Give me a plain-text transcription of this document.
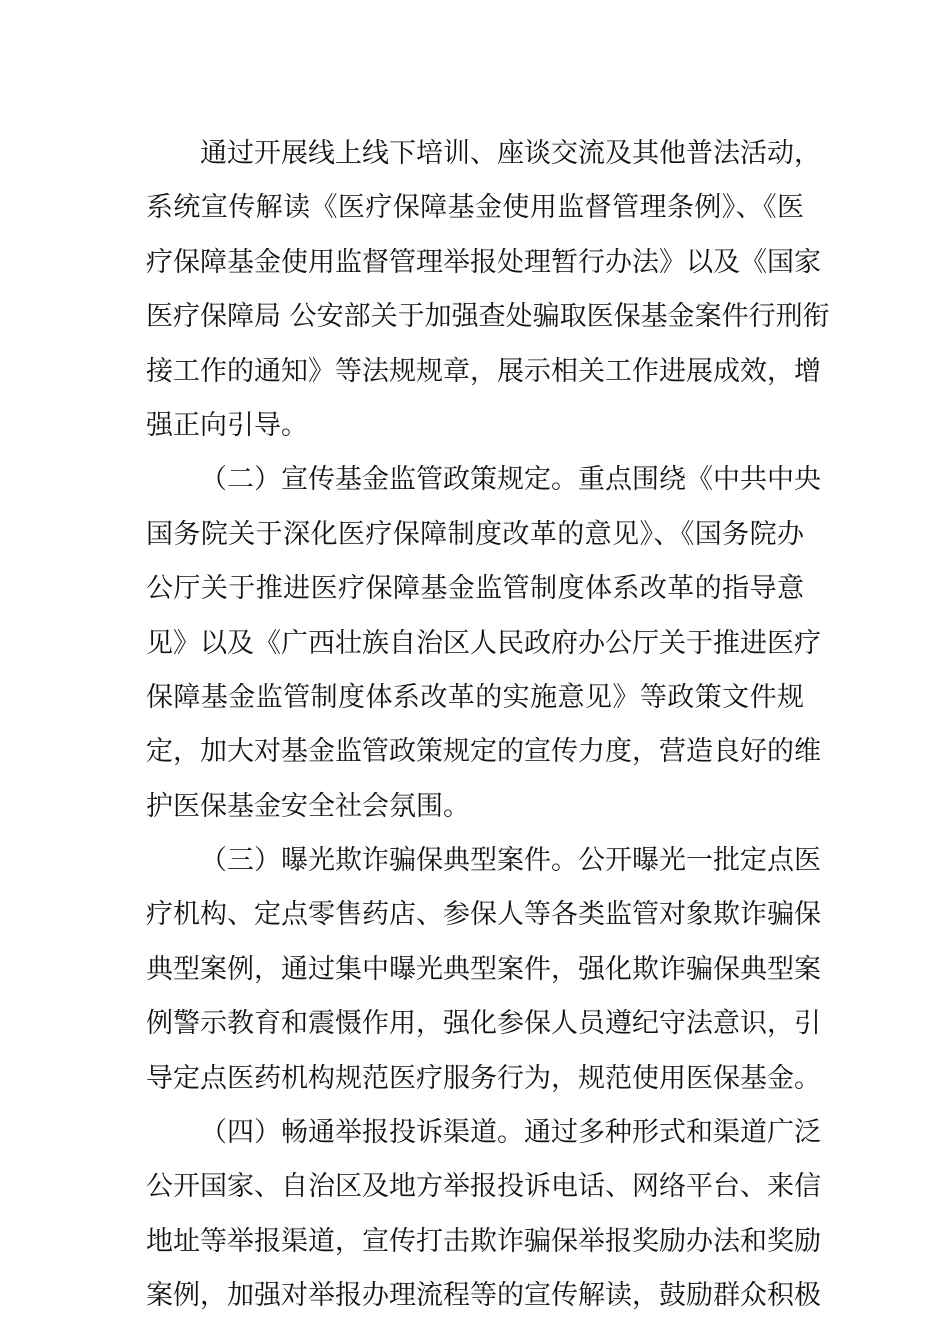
通过开展线上线下培训、座谈交流及其他普法活动，
系统宣传解读《医疗保障基金使用监督管理条例》、《医
疗保障基金使用监督管理举报处理暂行办法》以及《国家
医疗保障局 公安部关于加强查处骗取医保基金案件行刑衔
接工作的通知》等法规规章，展示相关工作进展成效，增
强正向引导。
（二）宣传基金监管政策规定。重点围绕《中共中央
国务院关于深化医疗保障制度改革的意见》、《国务院办
公厅关于推进医疗保障基金监管制度体系改革的指导意
见》以及《广西壮族自治区人民政府办公厅关于推进医疗
保障基金监管制度体系改革的实施意见》等政策文件规
定，加大对基金监管政策规定的宣传力度，营造良好的维
护医保基金安全社会氛围。
（三）曝光欺诈骗保典型案件。公开曝光一批定点医
疗机构、定点零售药店、参保人等各类监管对象欺诈骗保
典型案例，通过集中曝光典型案件，强化欺诈骗保典型案
例警示教育和震慑作用，强化参保人员遵纪守法意识，引
导定点医药机构规范医疗服务行为，规范使用医保基金。
（四）畅通举报投诉渠道。通过多种形式和渠道广泛
公开国家、自治区及地方举报投诉电话、网络平台、来信
地址等举报渠道，宣传打击欺诈骗保举报奖励办法和奖励
案例，加强对举报办理流程等的宣传解读，鼓励群众积极
